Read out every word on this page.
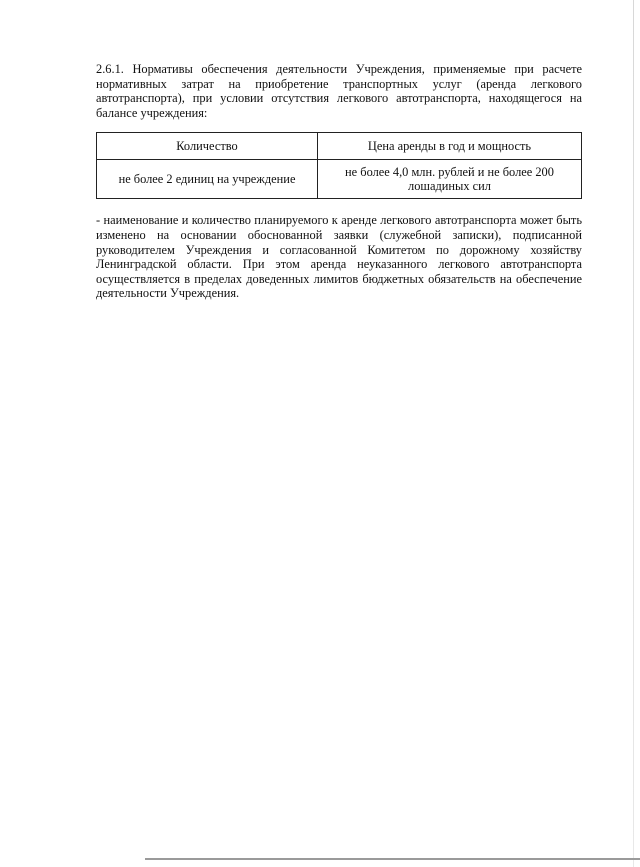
2.6.1. Нормативы обеспечения деятельности Учреждения, применяемые при расчете нормативных затрат на приобретение транспортных услуг (аренда легкового автотранспорта), при условии отсутствия легкового автотранспорта, находящегося на балансе учреждения:

Количество	Цена аренды в год и мощность
не более 2 единиц на учреждение	не более 4,0 млн. рублей и не более 200 лошадиных сил

- наименование и количество планируемого к аренде легкового автотранспорта может быть изменено на основании обоснованной заявки (служебной записки), подписанной руководителем Учреждения и согласованной Комитетом по дорожному хозяйству Ленинградской области. При этом аренда неуказанного легкового автотранспорта осуществляется в пределах доведенных лимитов бюджетных обязательств на обеспечение деятельности Учреждения.
